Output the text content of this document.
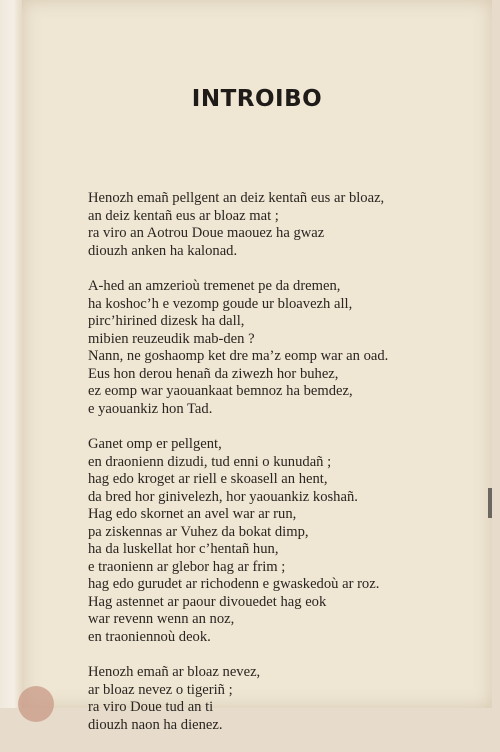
INTROIBO
Henozh emañ pellgent an deiz kentañ eus ar bloaz,
an deiz kentañ eus ar bloaz mat ;
ra viro an Aotrou Doue maouez ha gwaz
diouzh anken ha kalonad.
A-hed an amzerioù tremenet pe da dremen,
ha koshoc’h e vezomp goude ur bloavezh all,
pirc’hirined dizesk ha dall,
mibien reuzeudik mab-den ?
Nann, ne goshaomp ket dre ma’z eomp war an oad.
Eus hon derou henañ da ziwezh hor buhez,
ez eomp war yaouankaat bemnoz ha bemdez,
e yaouankiz hon Tad.
Ganet omp er pellgent,
en draonienn dizudi, tud enni o kunudañ ;
hag edo kroget ar riell e skoasell an hent,
da bred hor ginivelezh, hor yaouankiz koshañ.
Hag edo skornet an avel war ar run,
pa ziskennas ar Vuhez da bokat dimp,
ha da luskellat hor c’hentañ hun,
e traonienn ar glebor hag ar frim ;
hag edo gurudet ar richodenn e gwaskedoù ar roz.
Hag astennet ar paour divouedet hag eok
war revenn wenn an noz,
en traoniennoù deok.
Henozh emañ ar bloaz nevez,
ar bloaz nevez o tigeriñ ;
ra viro Doue tud an ti
diouzh naon ha dienez.
